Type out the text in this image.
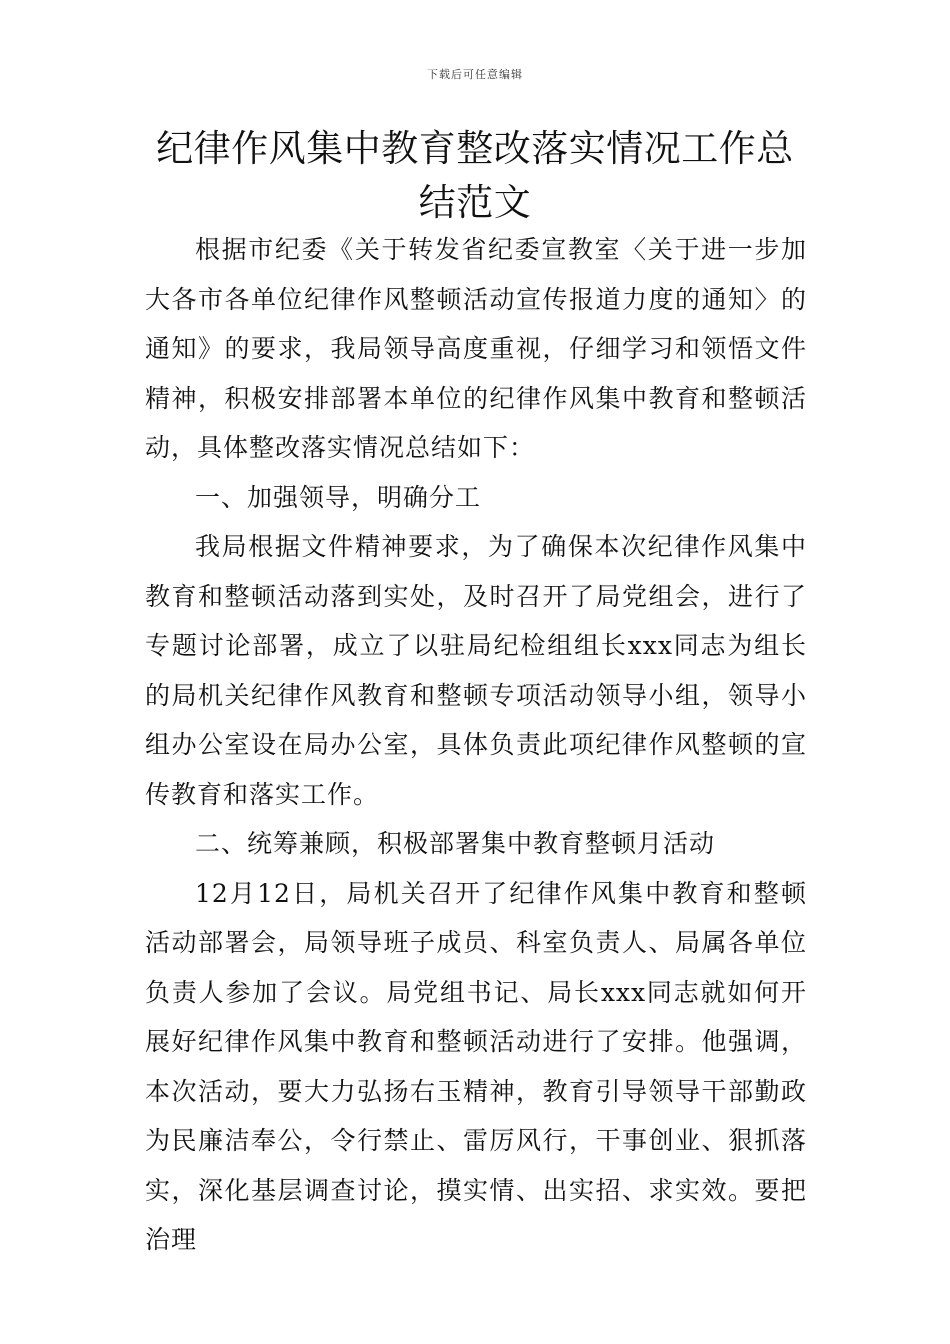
下载后可任意编辑
纪律作风集中教育整改落实情况工作总结范文

根据市纪委《关于转发省纪委宣教室〈关于进一步加大各市各单位纪律作风整顿活动宣传报道力度的通知〉的通知》的要求，我局领导高度重视，仔细学习和领悟文件精神，积极安排部署本单位的纪律作风集中教育和整顿活动，具体整改落实情况总结如下：

一、加强领导，明确分工

我局根据文件精神要求，为了确保本次纪律作风集中教育和整顿活动落到实处，及时召开了局党组会，进行了专题讨论部署，成立了以驻局纪检组组长xxx同志为组长的局机关纪律作风教育和整顿专项活动领导小组，领导小组办公室设在局办公室，具体负责此项纪律作风整顿的宣传教育和落实工作。

二、统筹兼顾，积极部署集中教育整顿月活动

12月12日，局机关召开了纪律作风集中教育和整顿活动部署会，局领导班子成员、科室负责人、局属各单位负责人参加了会议。局党组书记、局长xxx同志就如何开展好纪律作风集中教育和整顿活动进行了安排。他强调，本次活动，要大力弘扬右玉精神，教育引导领导干部勤政为民廉洁奉公，令行禁止、雷厉风行，干事创业、狠抓落实，深化基层调查讨论，摸实情、出实招、求实效。要把治理
